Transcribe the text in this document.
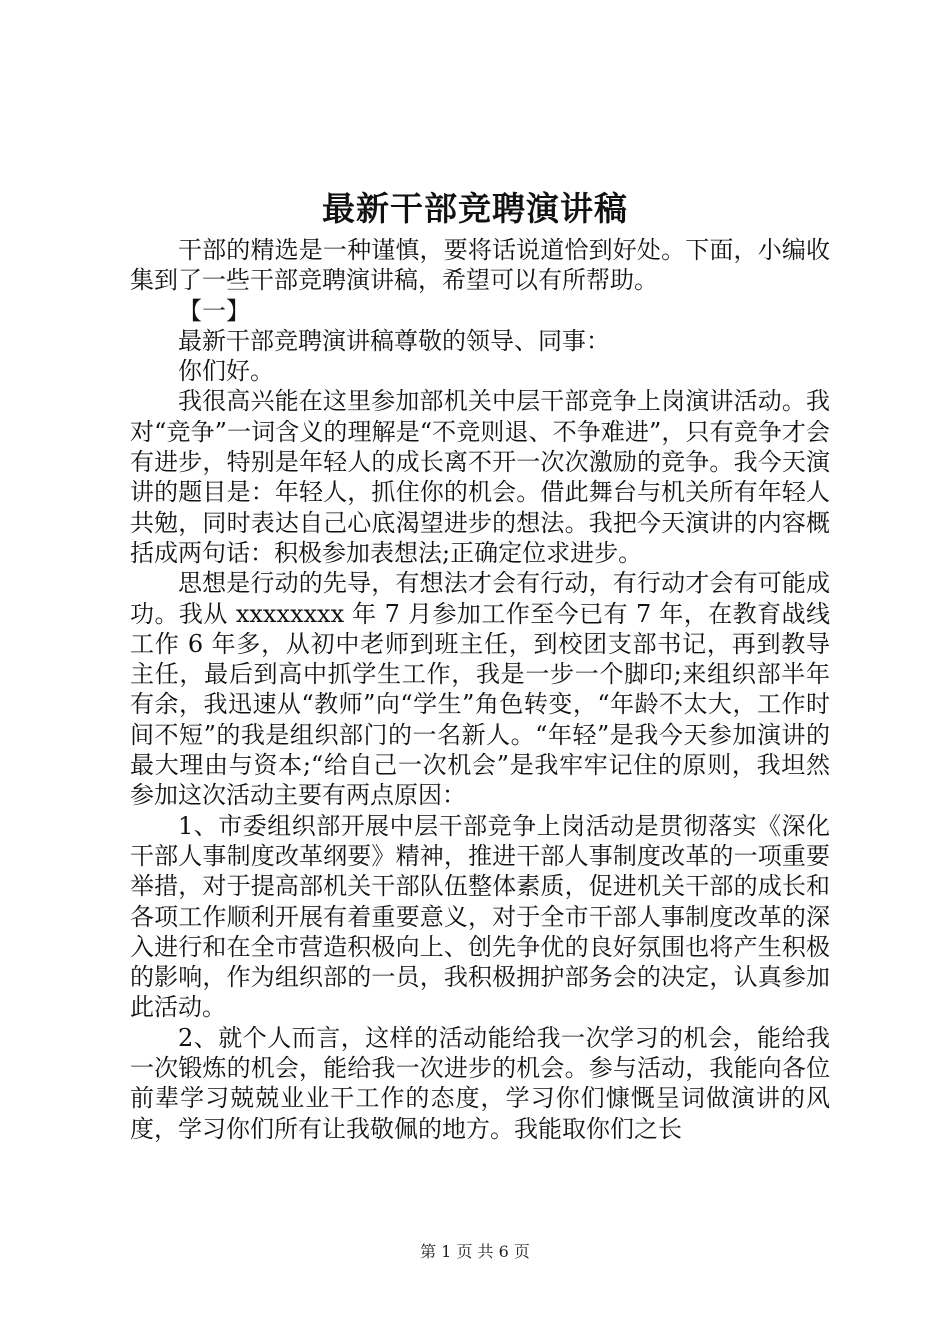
最新干部竞聘演讲稿

干部的精选是一种谨慎，要将话说道恰到好处。下面，小编收集到了一些干部竞聘演讲稿，希望可以有所帮助。

【一】

最新干部竞聘演讲稿尊敬的领导、同事：

你们好。

我很高兴能在这里参加部机关中层干部竞争上岗演讲活动。我对“竞争”一词含义的理解是“不竞则退、不争难进”，只有竞争才会有进步，特别是年轻人的成长离不开一次次激励的竞争。我今天演讲的题目是：年轻人，抓住你的机会。借此舞台与机关所有年轻人共勉，同时表达自己心底渴望进步的想法。我把今天演讲的内容概括成两句话：积极参加表想法;正确定位求进步。

思想是行动的先导，有想法才会有行动，有行动才会有可能成功。我从 xxxxxxxx 年 7 月参加工作至今已有 7 年，在教育战线工作 6 年多，从初中老师到班主任，到校团支部书记，再到教导主任，最后到高中抓学生工作，我是一步一个脚印;来组织部半年有余，我迅速从“教师”向“学生”角色转变，“年龄不太大，工作时间不短”的我是组织部门的一名新人。“年轻”是我今天参加演讲的最大理由与资本;“给自己一次机会”是我牢牢记住的原则，我坦然参加这次活动主要有两点原因：

1、市委组织部开展中层干部竞争上岗活动是贯彻落实《深化干部人事制度改革纲要》精神，推进干部人事制度改革的一项重要举措，对于提高部机关干部队伍整体素质，促进机关干部的成长和各项工作顺利开展有着重要意义，对于全市干部人事制度改革的深入进行和在全市营造积极向上、创先争优的良好氛围也将产生积极的影响，作为组织部的一员，我积极拥护部务会的决定，认真参加此活动。

2、就个人而言，这样的活动能给我一次学习的机会，能给我一次锻炼的机会，能给我一次进步的机会。参与活动，我能向各位前辈学习兢兢业业干工作的态度，学习你们慷慨呈词做演讲的风度，学习你们所有让我敬佩的地方。我能取你们之长

第 1 页 共 6 页
